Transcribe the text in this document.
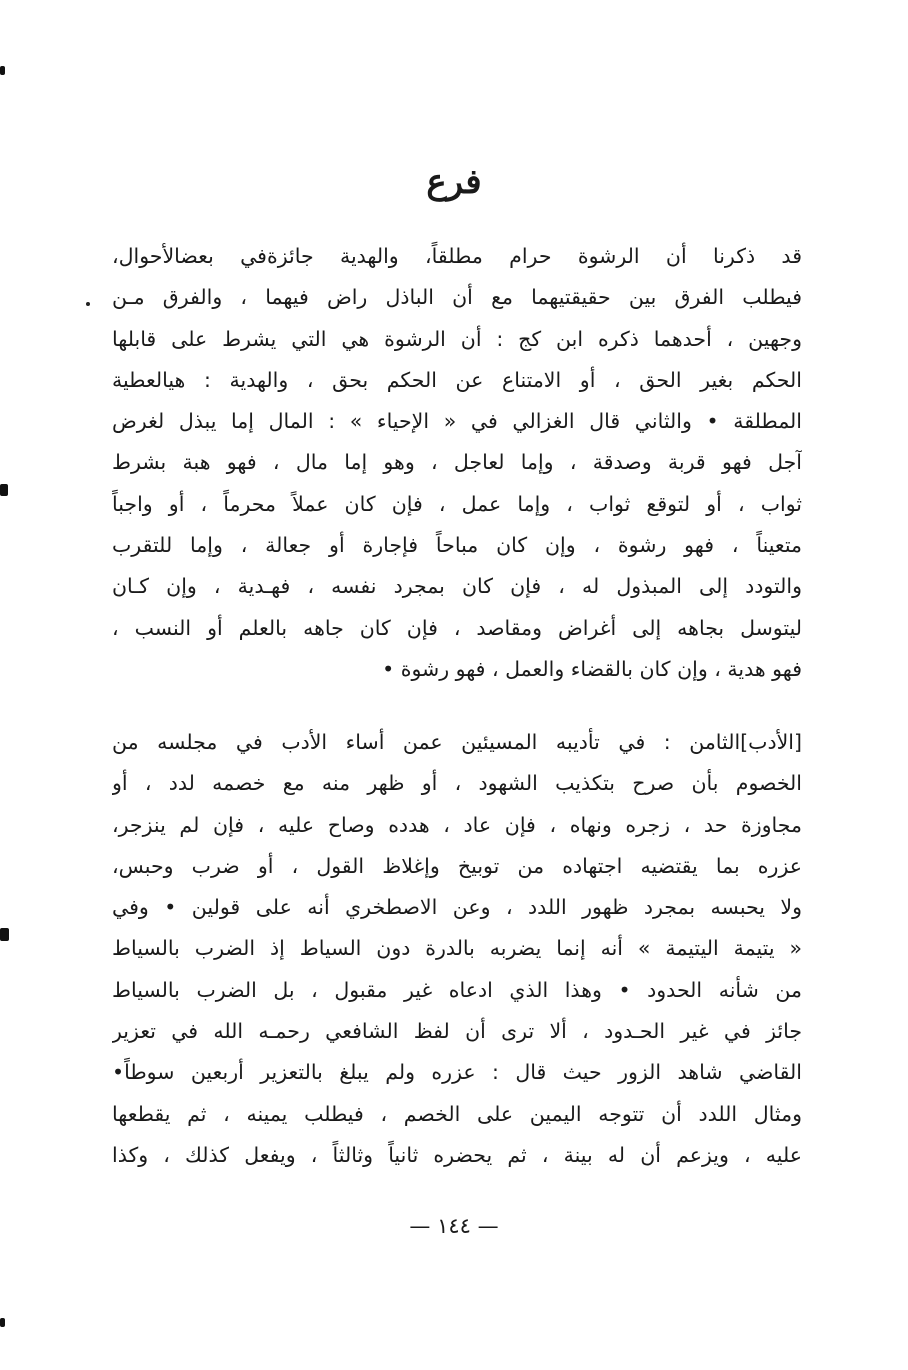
فرع
قد ذكرنا أن الرشوة حرام مطلقاً، والهدية جائزةفي بعضالأحوال،
فيطلب الفرق بين حقيقتيهما مع أن الباذل راض فيهما ، والفرق مـن
وجهين ، أحدهما ذكره ابن كج : أن الرشوة هي التي يشرط على قابلها
الحكم بغير الحق ، أو الامتناع عن الحكم بحق ، والهدية : هيالعطية
المطلقة • والثاني قال الغزالي في « الإحياء » : المال إما يبذل لغرض
آجل فهو قربة وصدقة ، وإما لعاجل ، وهو إما مال ، فهو هبة بشرط
ثواب ، أو لتوقع ثواب ، وإما عمل ، فإن كان عملاً محرماً ، أو واجباً
متعيناً ، فهو رشوة ، وإن كان مباحاً فإجارة أو جعالة ، وإما للتقرب
والتودد إلى المبذول له ، فإن كان بمجرد نفسه ، فهـدية ، وإن كـان
ليتوسل بجاهه إلى أغراض ومقاصد ، فإن كان جاهه بالعلم أو النسب ،
فهو هدية ، وإن كان بالقضاء والعمل ، فهو رشوة •
[الأدب]الثامن : في تأديبه المسيئين عمن أساء الأدب في مجلسه من
الخصوم بأن صرح بتكذيب الشهود ، أو ظهر منه مع خصمه لدد ، أو
مجاوزة حد ، زجره ونهاه ، فإن عاد ، هدده وصاح عليه ، فإن لم ينزجر،
عزره بما يقتضيه اجتهاده من توبيخ وإغلاظ القول ، أو ضرب وحبس،
ولا يحبسه بمجرد ظهور اللدد ، وعن الاصطخري أنه على قولين • وفي
« يتيمة اليتيمة » أنه إنما يضربه بالدرة دون السياط إذ الضرب بالسياط
من شأنه الحدود • وهذا الذي ادعاه غير مقبول ، بل الضرب بالسياط
جائز في غير الحـدود ، ألا ترى أن لفظ الشافعي رحمـه الله في تعزير
القاضي شاهد الزور حيث قال : عزره ولم يبلغ بالتعزير أربعين سوطاً•
ومثال اللدد أن تتوجه اليمين على الخصم ، فيطلب يمينه ، ثم يقطعها
عليه ، ويزعم أن له بينة ، ثم يحضره ثانياً وثالثاً ، ويفعل كذلك ، وكذا
— ١٤٤ —
